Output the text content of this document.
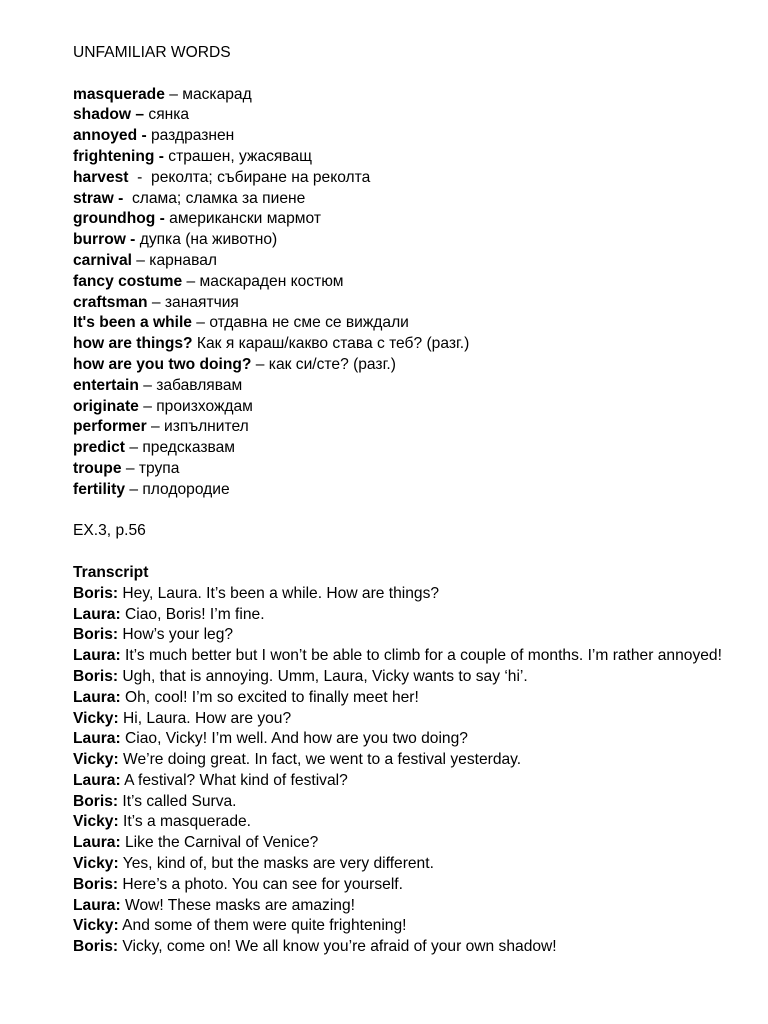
UNFAMILIAR WORDS
masquerade – маскарад
shadow – сянка
annoyed - раздразнен
frightening - страшен, ужасяващ
harvest  -  реколта; събиране на реколта
straw - слама; сламка за пиене
groundhog - американски мармот
burrow - дупка (на животно)
carnival – карнавал
fancy costume – маскараден костюм
craftsman – занаятчия
It's been a while – отдавна не сме се виждали
how are things? Как я караш/какво става с теб? (разг.)
how are you two doing? – как си/сте? (разг.)
entertain – забавлявам
originate – произхождам
performer – изпълнител
predict – предсказвам
troupe – трупа
fertility – плодородие
EX.3, p.56
Transcript
Boris: Hey, Laura. It’s been a while. How are things?
Laura: Ciao, Boris! I’m fine.
Boris: How’s your leg?
Laura: It’s much better but I won’t be able to climb for a couple of months. I’m rather annoyed!
Boris: Ugh, that is annoying. Umm, Laura, Vicky wants to say ‘hi’.
Laura: Oh, cool! I’m so excited to finally meet her!
Vicky: Hi, Laura. How are you?
Laura: Ciao, Vicky! I’m well. And how are you two doing?
Vicky: We’re doing great. In fact, we went to a festival yesterday.
Laura: A festival? What kind of festival?
Boris: It’s called Surva.
Vicky: It’s a masquerade.
Laura: Like the Carnival of Venice?
Vicky: Yes, kind of, but the masks are very different.
Boris: Here’s a photo. You can see for yourself.
Laura: Wow! These masks are amazing!
Vicky: And some of them were quite frightening!
Boris: Vicky, come on! We all know you’re afraid of your own shadow!
